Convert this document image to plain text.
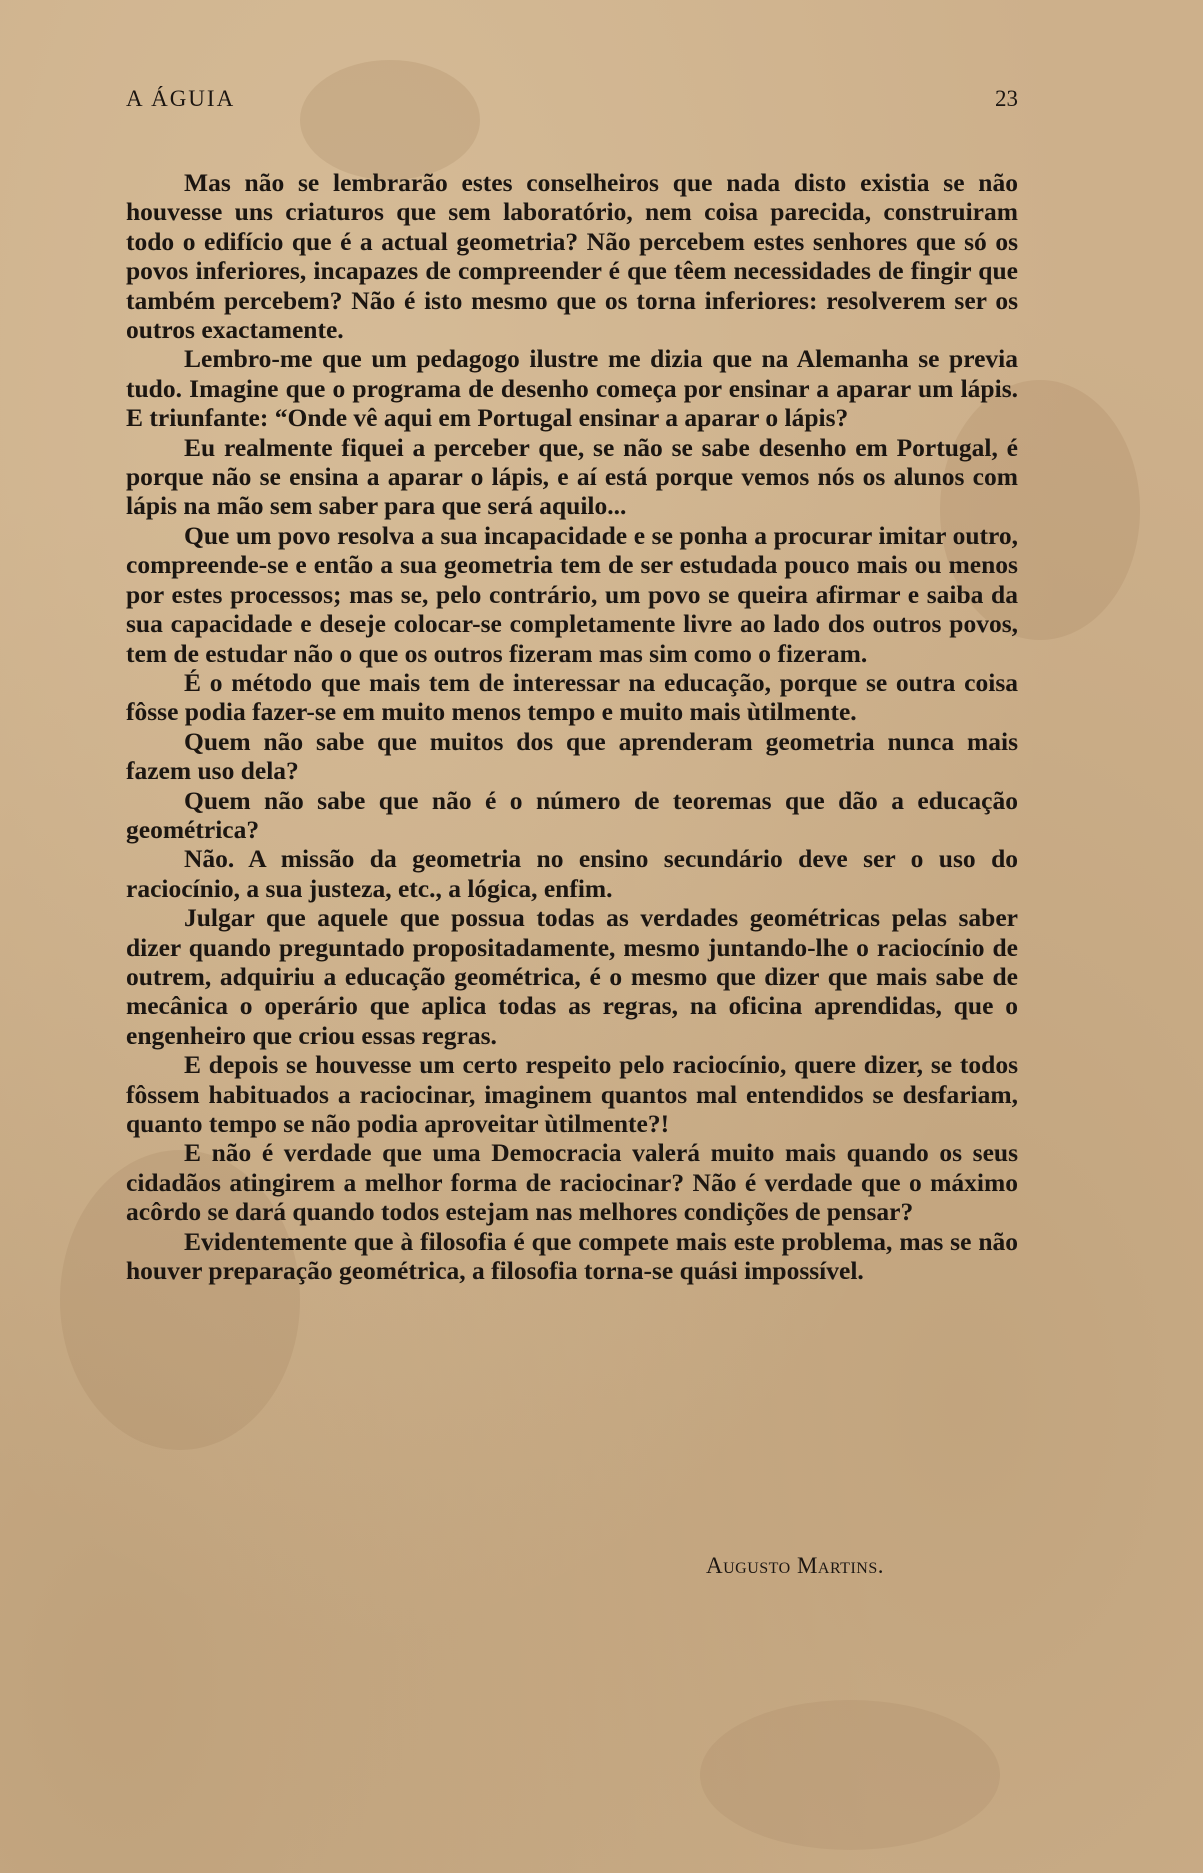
A ÁGUIA	23

Mas não se lembrarão estes conselheiros que nada disto existia se não houvesse uns criaturos que sem laboratório, nem coisa parecida, construiram todo o edifício que é a actual geometria? Não percebem estes senhores que só os povos inferiores, incapazes de compreender é que têem necessidades de fingir que também percebem? Não é isto mesmo que os torna inferiores: resolverem ser os outros exactamente.

Lembro-me que um pedagogo ilustre me dizia que na Alemanha se previa tudo. Imagine que o programa de desenho começa por ensinar a aparar um lápis. E triunfante: “Onde vê aqui em Portugal ensinar a aparar o lápis?

Eu realmente fiquei a perceber que, se não se sabe desenho em Portugal, é porque não se ensina a aparar o lápis, e aí está porque vemos nós os alunos com lápis na mão sem saber para que será aquilo...

Que um povo resolva a sua incapacidade e se ponha a procurar imitar outro, compreende-se e então a sua geometria tem de ser estudada pouco mais ou menos por estes processos; mas se, pelo contrário, um povo se queira afirmar e saiba da sua capacidade e deseje colocar-se completamente livre ao lado dos outros povos, tem de estudar não o que os outros fizeram mas sim como o fizeram.

É o método que mais tem de interessar na educação, porque se outra coisa fôsse podia fazer-se em muito menos tempo e muito mais ùtilmente.

Quem não sabe que muitos dos que aprenderam geometria nunca mais fazem uso dela?

Quem não sabe que não é o número de teoremas que dão a educação geométrica?

Não. A missão da geometria no ensino secundário deve ser o uso do raciocínio, a sua justeza, etc., a lógica, enfim.

Julgar que aquele que possua todas as verdades geométricas pelas saber dizer quando preguntado propositadamente, mesmo juntando-lhe o raciocínio de outrem, adquiriu a educação geométrica, é o mesmo que dizer que mais sabe de mecânica o operário que aplica todas as regras, na oficina aprendidas, que o engenheiro que criou essas regras.

E depois se houvesse um certo respeito pelo raciocínio, quere dizer, se todos fôssem habituados a raciocinar, imaginem quantos mal entendidos se desfariam, quanto tempo se não podia aproveitar ùtilmente?!

E não é verdade que uma Democracia valerá muito mais quando os seus cidadãos atingirem a melhor forma de raciocinar? Não é verdade que o máximo acôrdo se dará quando todos estejam nas melhores condições de pensar?

Evidentemente que à filosofia é que compete mais este problema, mas se não houver preparação geométrica, a filosofia torna-se quási impossível.

Augusto Martins.
